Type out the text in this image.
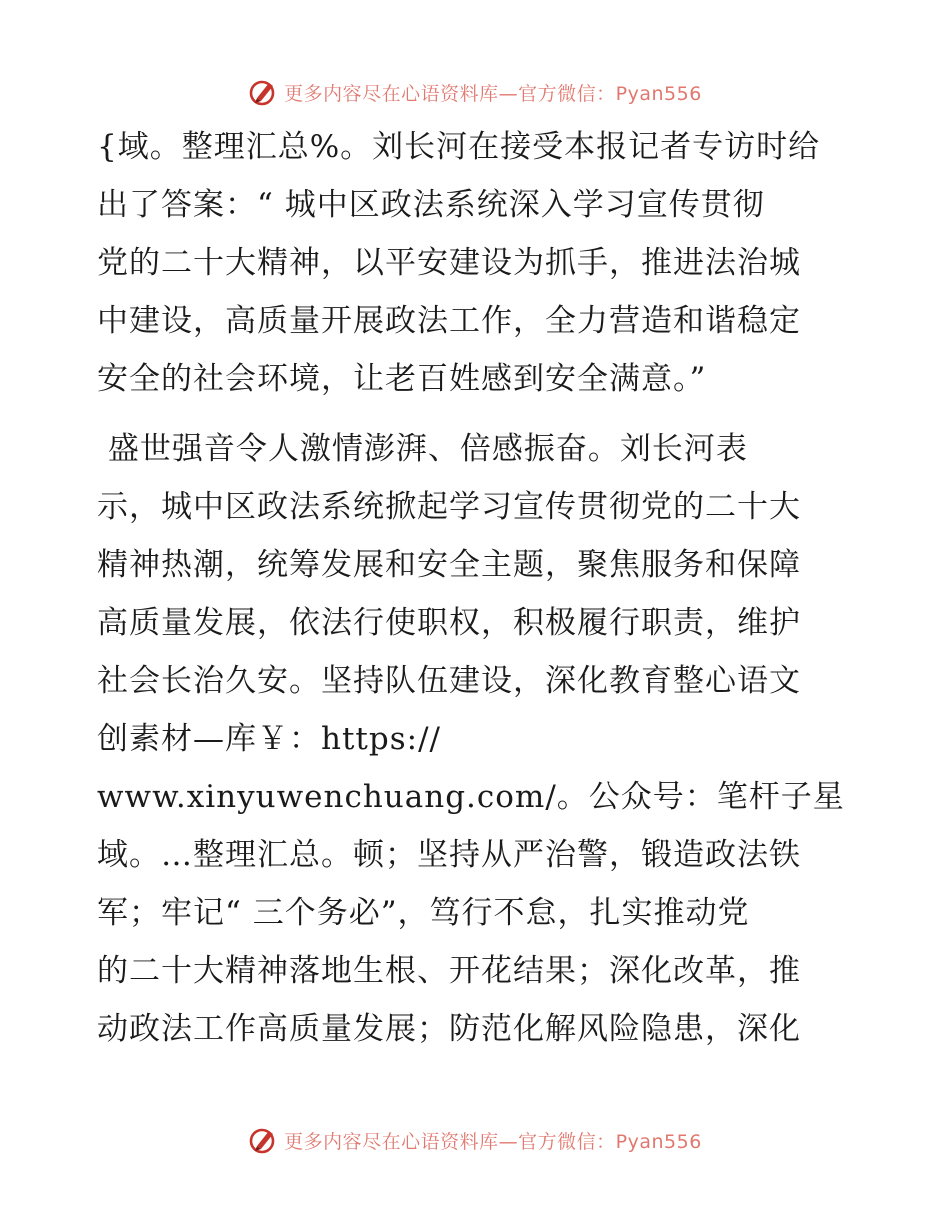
更多内容尽在心语资料库—官方微信：Pyan556
{域。整理汇总%。刘长河在接受本报记者专访时给
出了答案：“ 城中区政法系统深入学习宣传贯彻
党的二十大精神，以平安建设为抓手，推进法治城
中建设，高质量开展政法工作，全力营造和谐稳定
安全的社会环境，让老百姓感到安全满意。”
盛世强音令人激情澎湃、倍感振奋。刘长河表
示，城中区政法系统掀起学习宣传贯彻党的二十大
精神热潮，统筹发展和安全主题，聚焦服务和保障
高质量发展，依法行使职权，积极履行职责，维护
社会长治久安。坚持队伍建设，深化教育整心语文
创素材—库￥：https://
www.xinyuwenchuang.com/。公众号：笔杆子星
域。…整理汇总。顿；坚持从严治警，锻造政法铁
军；牢记“ 三个务必”，笃行不怠，扎实推动党
的二十大精神落地生根、开花结果；深化改革，推
动政法工作高质量发展；防范化解风险隐患，深化
更多内容尽在心语资料库—官方微信：Pyan556
